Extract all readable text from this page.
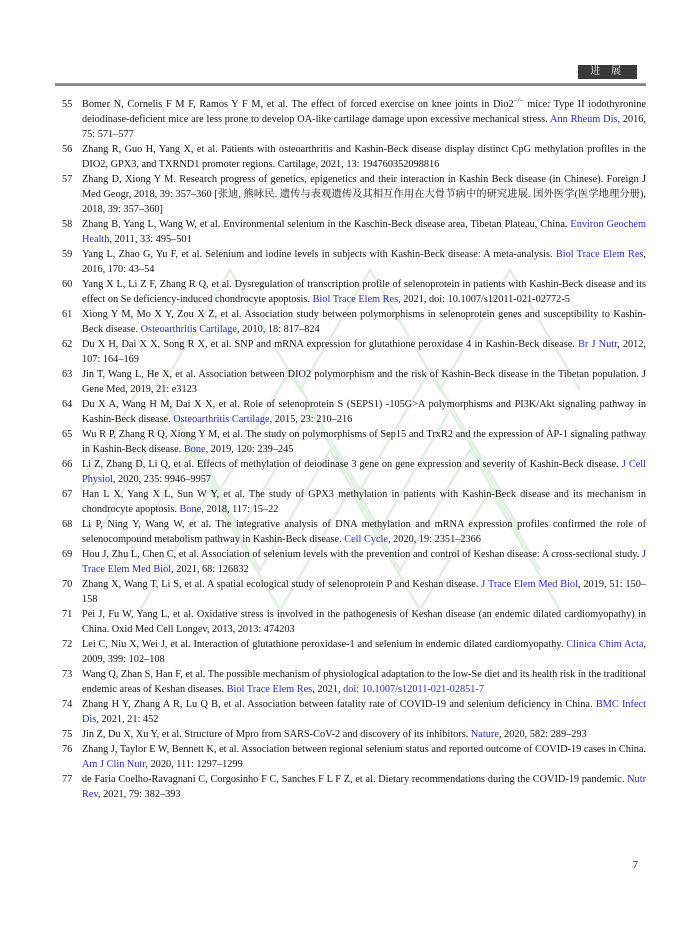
进 展
55 Bomer N, Cornelis F M F, Ramos Y F M, et al. The effect of forced exercise on knee joints in Dio2−/− mice: Type II iodothyronine deiodinase-deficient mice are less prone to develop OA-like cartilage damage upon excessive mechanical stress. Ann Rheum Dis, 2016, 75: 571–577
56 Zhang R, Guo H, Yang X, et al. Patients with osteoarthritis and Kashin-Beck disease display distinct CpG methylation profiles in the DIO2, GPX3, and TXRND1 promoter regions. Cartilage, 2021, 13: 194760352098816
57 Zhang D, Xiong Y M. Research progress of genetics, epigenetics and their interaction in Kashin Beck disease (in Chinese). Foreign J Med Geogr, 2018, 39: 357–360 [张迪, 熊咏民. 遗传与表观遗传及其相互作用在大骨节病中的研究进展. 国外医学(医学地理分册), 2018, 39: 357–360]
58 Zhang B, Yang L, Wang W, et al. Environmental selenium in the Kaschin-Beck disease area, Tibetan Plateau, China. Environ Geochem Health, 2011, 33: 495–501
59 Yang L, Zhao G, Yu F, et al. Selenium and iodine levels in subjects with Kashin-Beck disease: A meta-analysis. Biol Trace Elem Res, 2016, 170: 43–54
60 Yang X L, Li Z F, Zhang R Q, et al. Dysregulation of transcription profile of selenoprotein in patients with Kashin-Beck disease and its effect on Se deficiency-induced chondrocyte apoptosis. Biol Trace Elem Res, 2021, doi: 10.1007/s12011-021-02772-5
61 Xiong Y M, Mo X Y, Zou X Z, et al. Association study between polymorphisms in selenoprotein genes and susceptibility to Kashin-Beck disease. Osteoarthritis Cartilage, 2010, 18: 817–824
62 Du X H, Dai X X, Song R X, et al. SNP and mRNA expression for glutathione peroxidase 4 in Kashin-Beck disease. Br J Nutr, 2012, 107: 164–169
63 Jin T, Wang L, He X, et al. Association between DIO2 polymorphism and the risk of Kashin-Beck disease in the Tibetan population. J Gene Med, 2019, 21: e3123
64 Du X A, Wang H M, Dai X X, et al. Role of selenoprotein S (SEPS1) -105G>A polymorphisms and PI3K/Akt signaling pathway in Kashin-Beck disease. Osteoarthritis Cartilage, 2015, 23: 210–216
65 Wu R P, Zhang R Q, Xiong Y M, et al. The study on polymorphisms of Sep15 and TrxR2 and the expression of AP-1 signaling pathway in Kashin-Beck disease. Bone, 2019, 120: 239–245
66 Li Z, Zhang D, Li Q, et al. Effects of methylation of deiodinase 3 gene on gene expression and severity of Kashin-Beck disease. J Cell Physiol, 2020, 235: 9946–9957
67 Han L X, Yang X L, Sun W Y, et al. The study of GPX3 methylation in patients with Kashin-Beck disease and its mechanism in chondrocyte apoptosis. Bone, 2018, 117: 15–22
68 Li P, Ning Y, Wang W, et al. The integrative analysis of DNA methylation and mRNA expression profiles confirmed the role of selenocompound metabolism pathway in Kashin-Beck disease. Cell Cycle, 2020, 19: 2351–2366
69 Hou J, Zhu L, Chen C, et al. Association of selenium levels with the prevention and control of Keshan disease: A cross-sectional study. J Trace Elem Med Biol, 2021, 68: 126832
70 Zhang X, Wang T, Li S, et al. A spatial ecological study of selenoprotein P and Keshan disease. J Trace Elem Med Biol, 2019, 51: 150–158
71 Pei J, Fu W, Yang L, et al. Oxidative stress is involved in the pathogenesis of Keshan disease (an endemic dilated cardiomyopathy) in China. Oxid Med Cell Longev, 2013, 2013: 474203
72 Lei C, Niu X, Wei J, et al. Interaction of glutathione peroxidase-1 and selenium in endemic dilated cardiomyopathy. Clinica Chim Acta, 2009, 399: 102–108
73 Wang Q, Zhan S, Han F, et al. The possible mechanism of physiological adaptation to the low-Se diet and its health risk in the traditional endemic areas of Keshan diseases. Biol Trace Elem Res, 2021, doi: 10.1007/s12011-021-02851-7
74 Zhang H Y, Zhang A R, Lu Q B, et al. Association between fatality rate of COVID-19 and selenium deficiency in China. BMC Infect Dis, 2021, 21: 452
75 Jin Z, Du X, Xu Y, et al. Structure of Mpro from SARS-CoV-2 and discovery of its inhibitors. Nature, 2020, 582: 289–293
76 Zhang J, Taylor E W, Bennett K, et al. Association between regional selenium status and reported outcome of COVID-19 cases in China. Am J Clin Nutr, 2020, 111: 1297–1299
77 de Faria Coelho-Ravagnani C, Corgosinho F C, Sanches F L F Z, et al. Dietary recommendations during the COVID-19 pandemic. Nutr Rev, 2021, 79: 382–393
7
